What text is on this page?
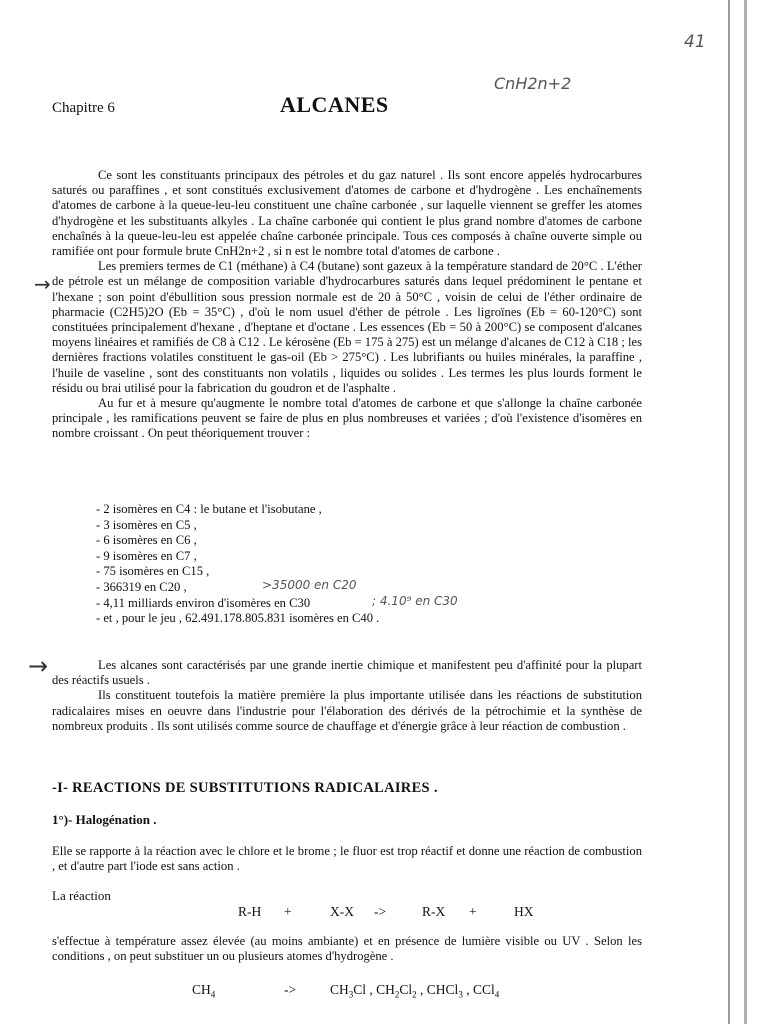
41
CnH2n+2
Chapitre 6	ALCANES

Ce sont les constituants principaux des pétroles et du gaz naturel . Ils sont encore appelés hydrocarbures saturés ou paraffines , et sont constitués exclusivement d'atomes de carbone et d'hydrogène . Les enchaînements d'atomes de carbone à la queue-leu-leu constituent une chaîne carbonée , sur laquelle viennent se greffer les atomes d'hydrogène et les substituants alkyles . La chaîne carbonée qui contient le plus grand nombre d'atomes de carbone enchaînés à la queue-leu-leu est appelée chaîne carbonée principale. Tous ces composés à chaîne ouverte simple ou ramifiée ont pour formule brute CnH2n+2 , si n est le nombre total d'atomes de carbone .

Les premiers termes de C1 (méthane) à C4 (butane) sont gazeux à la température standard de 20°C . L'éther de pétrole est un mélange de composition variable d'hydrocarbures saturés dans lequel prédominent le pentane et l'hexane ; son point d'ébullition sous pression normale est de 20 à 50°C , voisin de celui de l'éther ordinaire de pharmacie (C2H5)2O (Eb = 35°C) , d'où le nom usuel d'éther de pétrole . Les ligroïnes (Eb = 60-120°C) sont constituées principalement d'hexane , d'heptane et d'octane . Les essences (Eb = 50 à 200°C) se composent d'alcanes moyens linéaires et ramifiés de C8 à C12 . Le kérosène (Eb = 175 à 275) est un mélange d'alcanes de C12 à C18 ; les dernières fractions volatiles constituent le gas-oil (Eb > 275°C) . Les lubrifiants ou huiles minérales, la paraffine , l'huile de vaseline , sont des constituants non volatils , liquides ou solides . Les termes les plus lourds forment le résidu ou brai utilisé pour la fabrication du goudron et de l'asphalte .

Au fur et à mesure qu'augmente le nombre total d'atomes de carbone et que s'allonge la chaîne carbonée principale , les ramifications peuvent se faire de plus en plus nombreuses et variées ; d'où l'existence d'isomères en nombre croissant . On peut théoriquement trouver :

→
- 2 isomères en C4 : le butane et l'isobutane ,
- 3 isomères en C5 ,
- 6 isomères en C6 ,
- 9 isomères en C7 ,
- 75 isomères en C15 ,
- 366319 en C20 ,
- 4,11 milliards environ d'isomères en C30
- et , pour le jeu , 62.491.178.805.831 isomères en C40 .
>35000 en C20
; 4.10⁹ en C30
→	Les alcanes sont caractérisés par une grande inertie chimique et manifestent peu d'affinité pour la plupart des réactifs usuels .

Ils constituent toutefois la matière première la plus importante utilisée dans les réactions de substitution radicalaires mises en oeuvre dans l'industrie pour l'élaboration des dérivés de la pétrochimie et la synthèse de nombreux produits . Ils sont utilisés comme source de chauffage et d'énergie grâce à leur réaction de combustion .

-I- REACTIONS DE SUBSTITUTIONS RADICALAIRES .
1°)- Halogénation .

Elle se rapporte à la réaction avec le chlore et le brome ; le fluor est trop réactif et donne une réaction de combustion , et d'autre part l'iode est sans action .

La réaction
R-H +	X-X ->	R-X +	HX

s'effectue à température assez élevée (au moins ambiante) et en présence de lumière visible ou UV . Selon les conditions , on peut substituer un ou plusieurs atomes d'hydrogène .

$CH_4$	->	$CH_3Cl$ , $CH_2Cl_2$ , CHCl$_3$ , CCl$_4$
